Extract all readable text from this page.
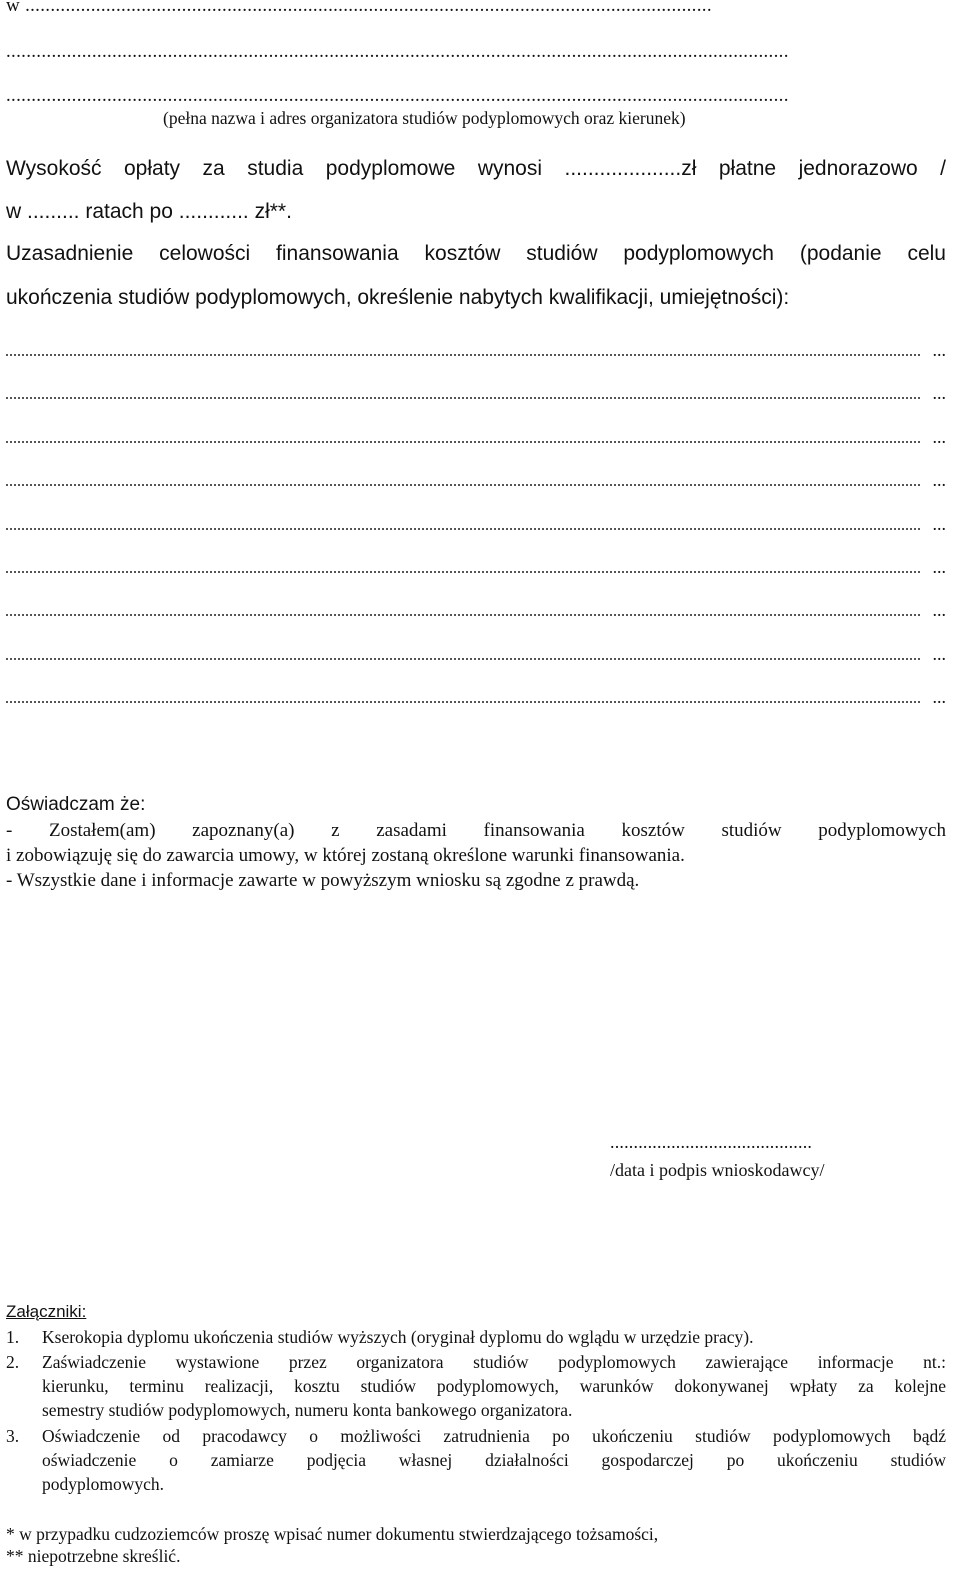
w ........................................................................................................................................
...........................................................................................................................................................
...........................................................................................................................................................
(pełna nazwa i adres organizatora studiów podyplomowych oraz kierunek)
Wysokość opłaty za studia podyplomowe wynosi ....................zł płatne jednorazowo /
w ......... ratach po ............ zł**.
Uzasadnienie celowości finansowania kosztów studiów podyplomowych (podanie celu
ukończenia studiów podyplomowych, określenie nabytych kwalifikacji, umiejętności):
...
...
...
...
...
...
...
...
...
Oświadczam że:
- Zostałem(am) zapoznany(a) z zasadami finansowania kosztów studiów podyplomowych
i zobowiązuję się do zawarcia umowy, w której zostaną określone warunki finansowania.
- Wszystkie dane i informacje zawarte w powyższym wniosku są zgodne z prawdą.
...........................................
/data i podpis wnioskodawcy/
Załączniki:
1. Kserokopia dyplomu ukończenia studiów wyższych (oryginał dyplomu do wglądu w urzędzie pracy).
2. Zaświadczenie wystawione przez organizatora studiów podyplomowych zawierające informacje nt.:
kierunku, terminu realizacji, kosztu studiów podyplomowych, warunków dokonywanej wpłaty za kolejne
semestry studiów podyplomowych, numeru konta bankowego organizatora.
3. Oświadczenie od pracodawcy o możliwości zatrudnienia po ukończeniu studiów podyplomowych bądź
oświadczenie o zamiarze podjęcia własnej działalności gospodarczej po ukończeniu studiów
podyplomowych.
* w przypadku cudzoziemców proszę wpisać numer dokumentu stwierdzającego tożsamości,
** niepotrzebne skreślić.
